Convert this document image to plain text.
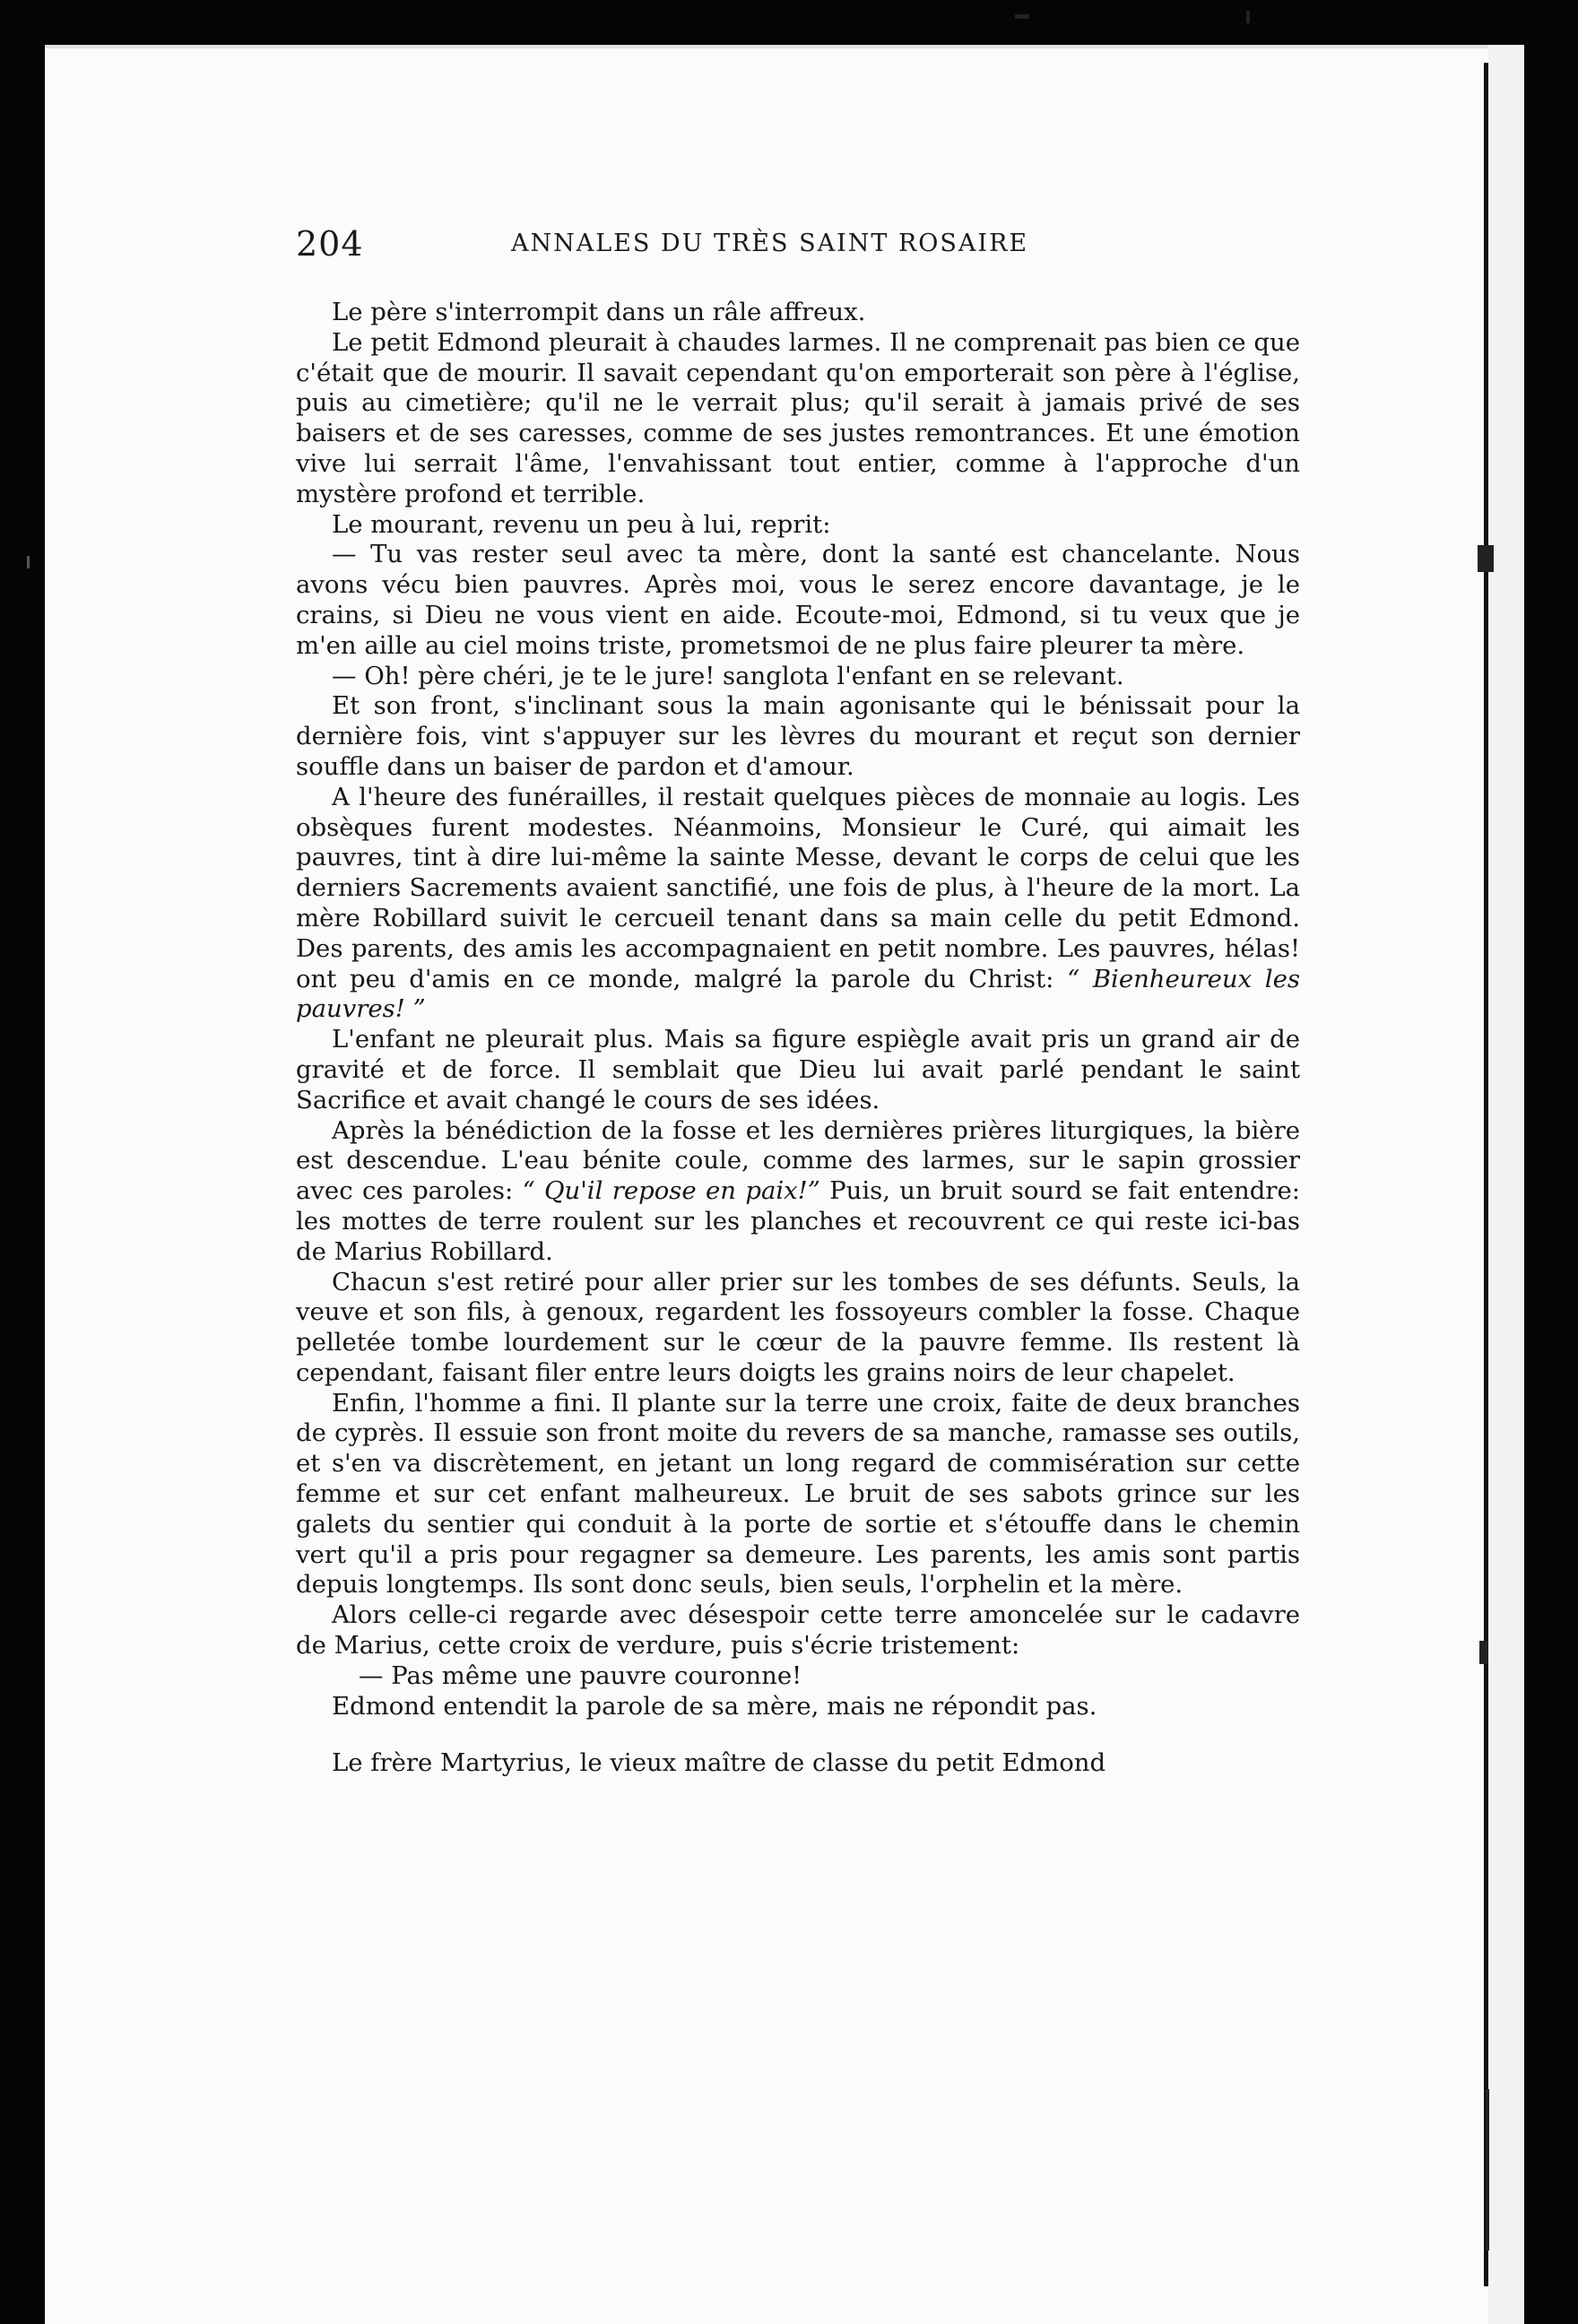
204	ANNALES DU TRÈS SAINT ROSAIRE

Le père s'interrompit dans un râle affreux.

Le petit Edmond pleurait à chaudes larmes. Il ne comprenait pas bien ce que c'était que de mourir. Il savait cependant qu'on emporterait son père à l'église, puis au cimetière; qu'il ne le verrait plus; qu'il serait à jamais privé de ses baisers et de ses caresses, comme de ses justes remontrances. Et une émotion vive lui serrait l'âme, l'envahissant tout entier, comme à l'approche d'un mystère profond et terrible.

Le mourant, revenu un peu à lui, reprit:

— Tu vas rester seul avec ta mère, dont la santé est chancelante. Nous avons vécu bien pauvres. Après moi, vous le serez encore davantage, je le crains, si Dieu ne vous vient en aide. Ecoute-moi, Edmond, si tu veux que je m'en aille au ciel moins triste, prometsmoi de ne plus faire pleurer ta mère.

— Oh! père chéri, je te le jure! sanglota l'enfant en se relevant.

Et son front, s'inclinant sous la main agonisante qui le bénissait pour la dernière fois, vint s'appuyer sur les lèvres du mourant et reçut son dernier souffle dans un baiser de pardon et d'amour.

A l'heure des funérailles, il restait quelques pièces de monnaie au logis. Les obsèques furent modestes. Néanmoins, Monsieur le Curé, qui aimait les pauvres, tint à dire lui-même la sainte Messe, devant le corps de celui que les derniers Sacrements avaient sanctifié, une fois de plus, à l'heure de la mort. La mère Robillard suivit le cercueil tenant dans sa main celle du petit Edmond. Des parents, des amis les accompagnaient en petit nombre. Les pauvres, hélas! ont peu d'amis en ce monde, malgré la parole du Christ: “ Bienheureux les pauvres! ”

L'enfant ne pleurait plus. Mais sa figure espiègle avait pris un grand air de gravité et de force. Il semblait que Dieu lui avait parlé pendant le saint Sacrifice et avait changé le cours de ses idées.

Après la bénédiction de la fosse et les dernières prières liturgiques, la bière est descendue. L'eau bénite coule, comme des larmes, sur le sapin grossier avec ces paroles: “ Qu'il repose en paix!” Puis, un bruit sourd se fait entendre: les mottes de terre roulent sur les planches et recouvrent ce qui reste ici-bas de Marius Robillard.

Chacun s'est retiré pour aller prier sur les tombes de ses défunts. Seuls, la veuve et son fils, à genoux, regardent les fossoyeurs combler la fosse. Chaque pelletée tombe lourdement sur le cœur de la pauvre femme. Ils restent là cependant, faisant filer entre leurs doigts les grains noirs de leur chapelet.

Enfin, l'homme a fini. Il plante sur la terre une croix, faite de deux branches de cyprès. Il essuie son front moite du revers de sa manche, ramasse ses outils, et s'en va discrètement, en jetant un long regard de commisération sur cette femme et sur cet enfant malheureux. Le bruit de ses sabots grince sur les galets du sentier qui conduit à la porte de sortie et s'étouffe dans le chemin vert qu'il a pris pour regagner sa demeure. Les parents, les amis sont partis depuis longtemps. Ils sont donc seuls, bien seuls, l'orphelin et la mère.

Alors celle-ci regarde avec désespoir cette terre amoncelée sur le cadavre de Marius, cette croix de verdure, puis s'écrie tristement:

— Pas même une pauvre couronne!

Edmond entendit la parole de sa mère, mais ne répondit pas.

Le frère Martyrius, le vieux maître de classe du petit Edmond
